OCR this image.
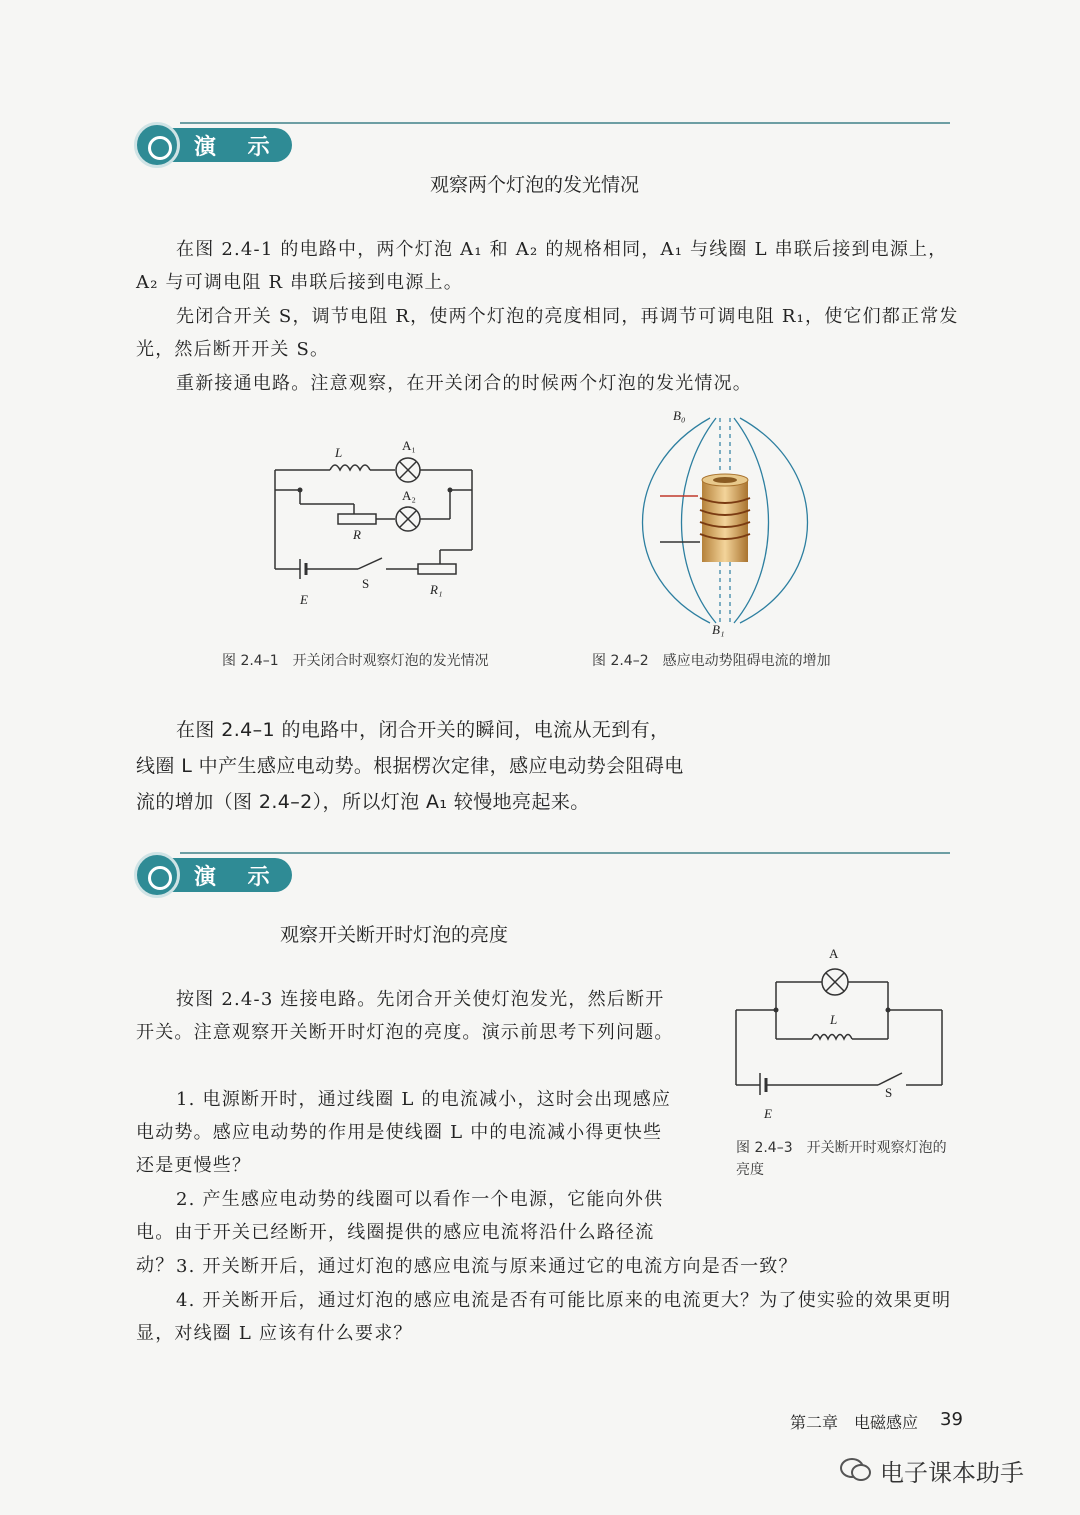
演 示
观察两个灯泡的发光情况
在图 2.4-1 的电路中，两个灯泡 A₁ 和 A₂ 的规格相同，A₁ 与线圈 L 串联后接到电源上，A₂ 与可调电阻 R 串联后接到电源上。
先闭合开关 S，调节电阻 R，使两个灯泡的亮度相同，再调节可调电阻 R₁，使它们都正常发光，然后断开开关 S。
重新接通电路。注意观察，在开关闭合的时候两个灯泡的发光情况。
L	A₁
A₂
R
S
E
R₁
图 2.4–1　开关闭合时观察灯泡的发光情况
B₀
B₁
图 2.4–2　感应电动势阻碍电流的增加
在图 2.4–1 的电路中，闭合开关的瞬间，电流从无到有，线圈 L 中产生感应电动势。根据楞次定律，感应电动势会阻碍电流的增加（图 2.4–2），所以灯泡 A₁ 较慢地亮起来。
演 示
观察开关断开时灯泡的亮度
按图 2.4-3 连接电路。先闭合开关使灯泡发光，然后断开开关。注意观察开关断开时灯泡的亮度。演示前思考下列问题。
1. 电源断开时，通过线圈 L 的电流减小，这时会出现感应电动势。感应电动势的作用是使线圈 L 中的电流减小得更快些还是更慢些？
2. 产生感应电动势的线圈可以看作一个电源，它能向外供电。由于开关已经断开，线圈提供的感应电流将沿什么路径流动？ 3. 开关断开后，通过灯泡的感应电流与原来通过它的电流方向是否一致？
4. 开关断开后，通过灯泡的感应电流是否有可能比原来的电流更大？为了使实验的效果更明显，对线圈 L 应该有什么要求？
A
L
E
S
图 2.4–3　开关断开时观察灯泡的亮度
第二章　电磁感应 39
电子课本助手
